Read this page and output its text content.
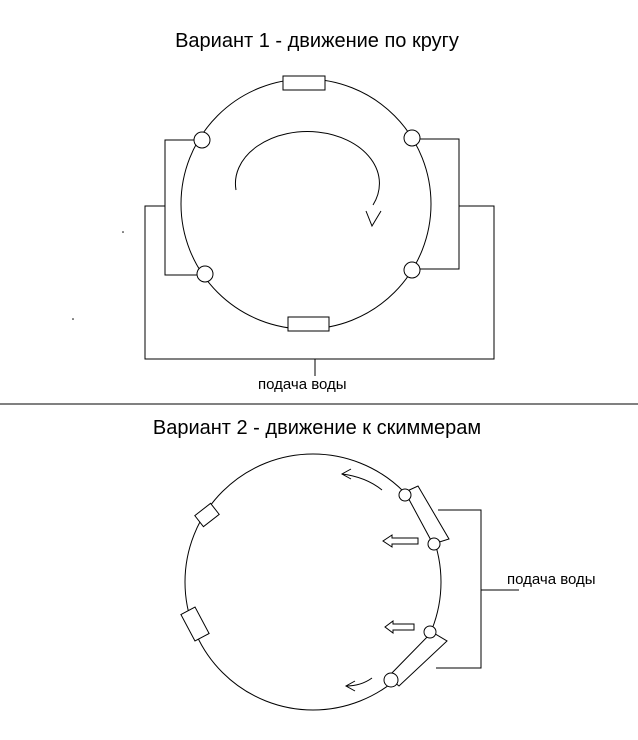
Вариант 1 - движение по кругу
Вариант 2 - движение к скиммерам
подача воды
подача воды
